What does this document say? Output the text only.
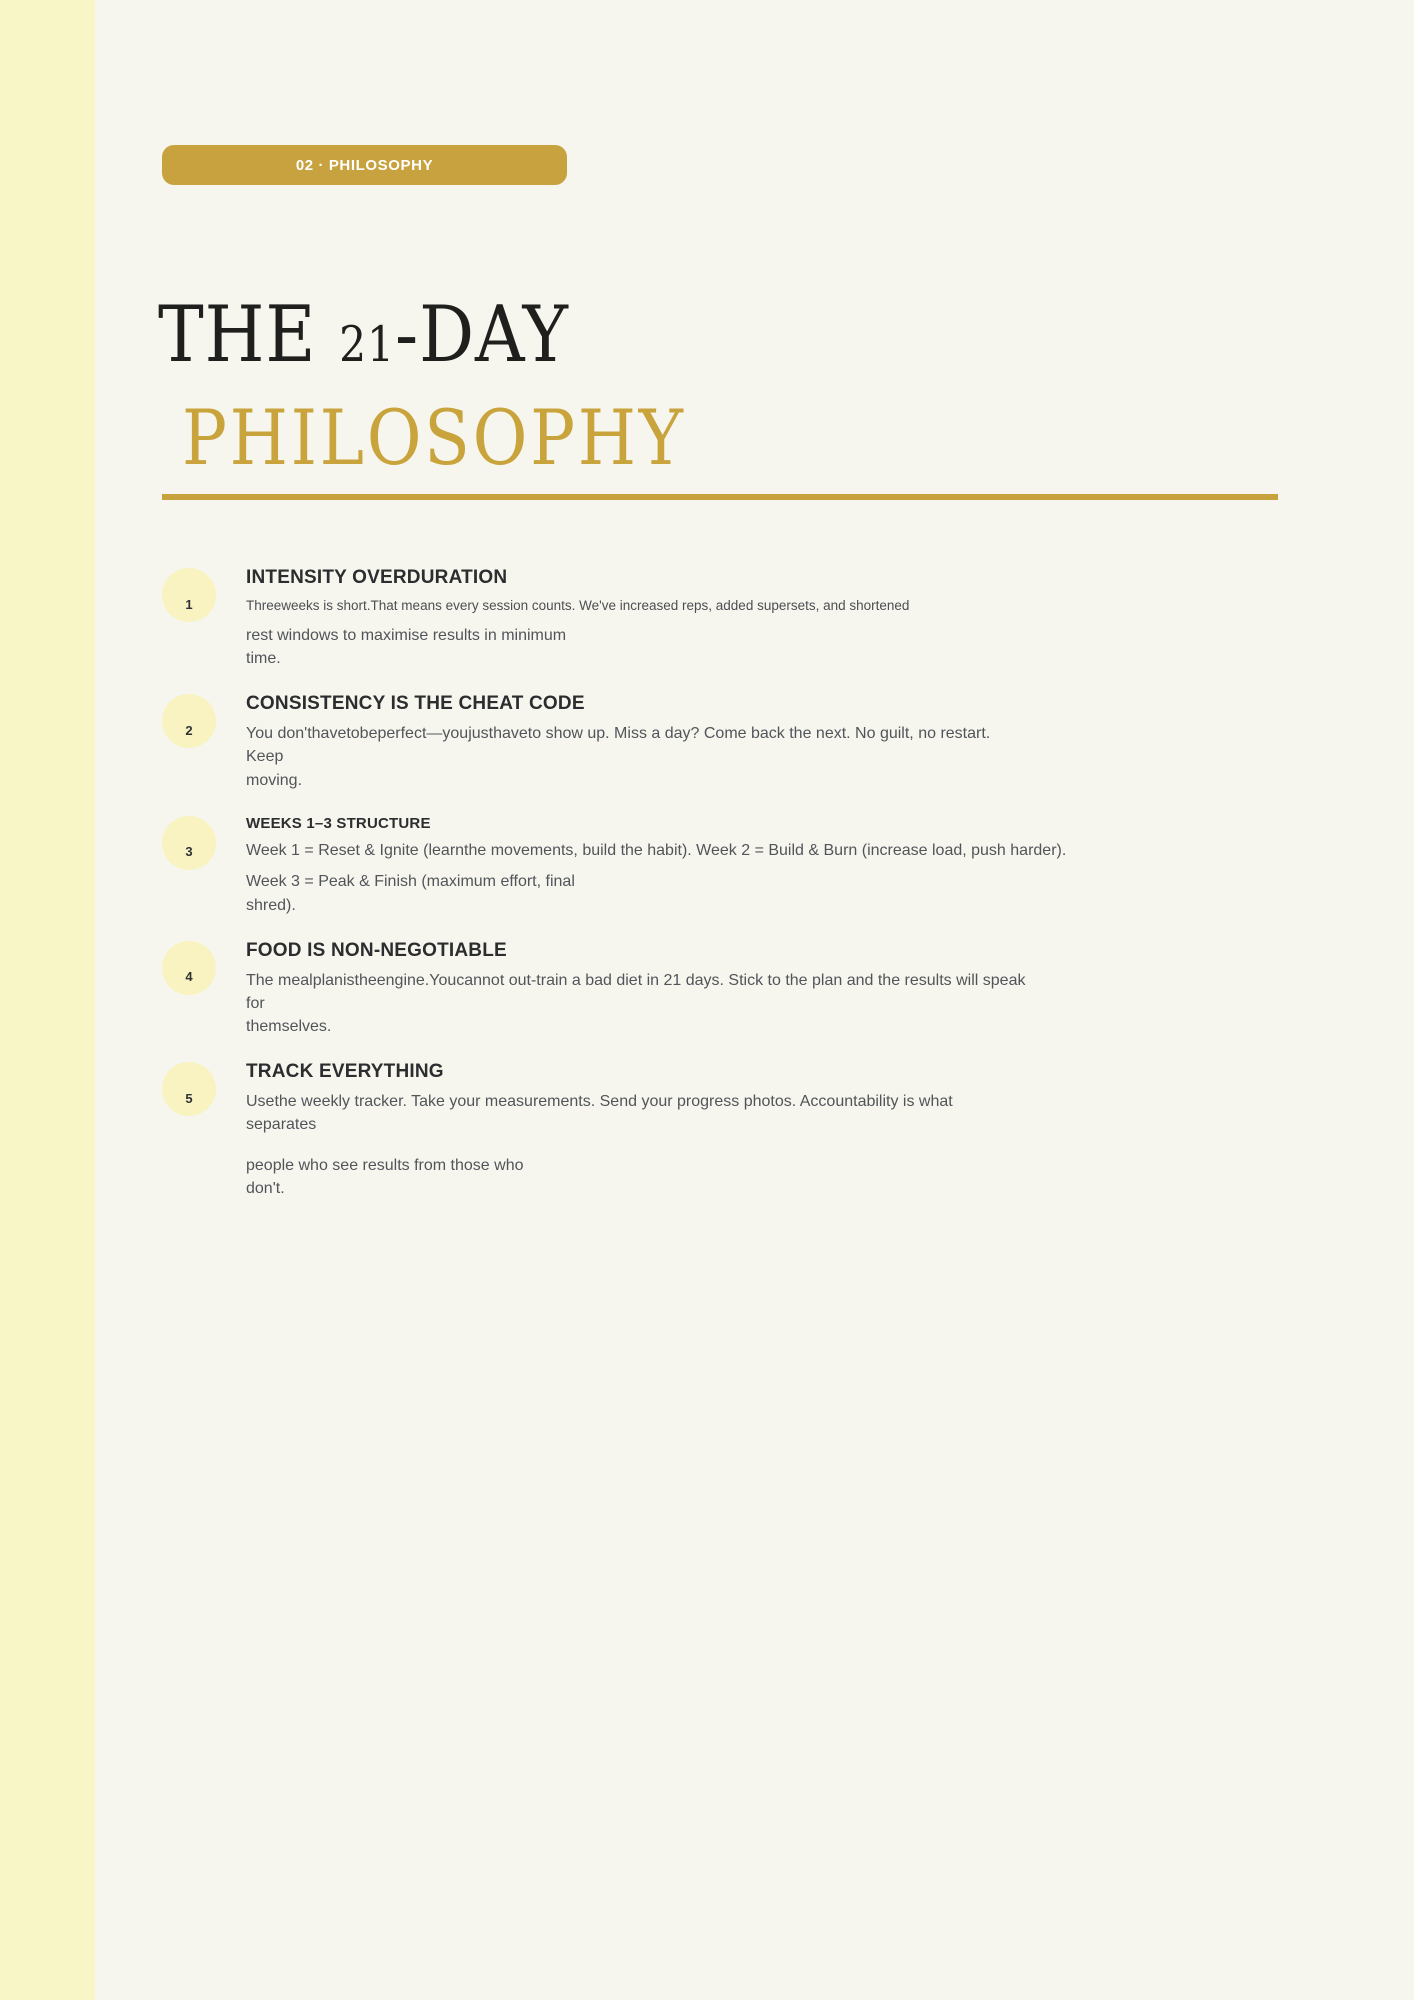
02 · PHILOSOPHY
THE 21-DAY
PHILOSOPHY
1
INTENSITY OVERDURATION

Threeweeks is short.That means every session counts. We've increased reps, added supersets, and shortened

rest windows to maximise results in minimum

time.

2
CONSISTENCY IS THE CHEAT CODE

You don'thavetobeperfect—youjusthaveto show up. Miss a day? Come back the next. No guilt, no restart.

Keep

moving.

3
WEEKS 1–3 STRUCTURE

Week 1 = Reset & Ignite (learnthe movements, build the habit). Week 2 = Build & Burn (increase load, push harder).

Week 3 = Peak & Finish (maximum effort, final

shred).

4
FOOD IS NON-NEGOTIABLE

The mealplanistheengine.Youcannot out-train a bad diet in 21 days. Stick to the plan and the results will speak

for

themselves.

5
TRACK EVERYTHING

Usethe weekly tracker. Take your measurements. Send your progress photos. Accountability is what

separates

people who see results from those who

don't.
